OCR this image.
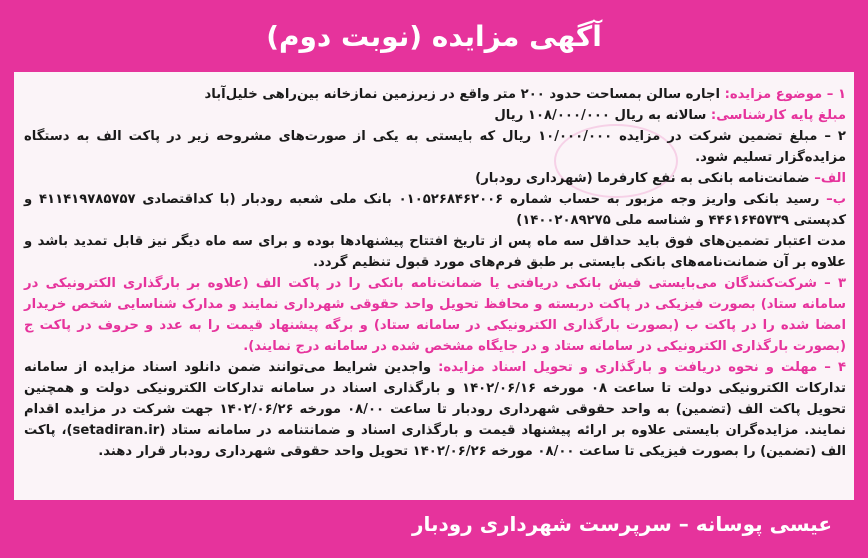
آگهی مزایده (نوبت دوم)

۱ – موضوع مزایده: اجاره سالن بمساحت حدود ۲۰۰ متر واقع در زیرزمین نمازخانه بین‌راهی خلیل‌آباد

مبلغ پایه کارشناسی: سالانه به ریال ۱۰۸/۰۰۰/۰۰۰ ریال

۲ – مبلغ تضمین شرکت در مزایده ۱۰/۰۰۰/۰۰۰ ریال که بایستی به یکی از صورت‌های مشروحه زیر در پاکت الف به دستگاه مزایده‌گزار تسلیم شود.

الف– ضمانت‌نامه بانکی به نفع کارفرما (شهرداری رودبار)

ب– رسید بانکی واریز وجه مزبور به حساب شماره ۰۱۰۵۲۶۸۴۶۲۰۰۶ بانک ملی شعبه رودبار (با کداقتصادی ۴۱۱۴۱۹۷۸۵۷۵۷ و کدپستی ۴۴۶۱۶۴۵۷۳۹ و شناسه ملی ۱۴۰۰۲۰۸۹۲۷۵)

مدت اعتبار تضمین‌های فوق باید حداقل سه ماه پس از تاریخ افتتاح پیشنهادها بوده و برای سه ماه دیگر نیز قابل تمدید باشد و علاوه بر آن ضمانت‌نامه‌های بانکی بایستی بر طبق فرم‌های مورد قبول تنظیم گردد.

۳ – شرکت‌کنندگان می‌بایستی فیش بانکی دریافتی یا ضمانت‌نامه بانکی را در پاکت الف (علاوه بر بارگذاری الکترونیکی در سامانه ستاد) بصورت فیزیکی در پاکت دربسته و محافظ تحویل واحد حقوقی شهرداری نمایند و مدارک شناسایی شخص خریدار امضا شده را در پاکت ب (بصورت بارگذاری الکترونیکی در سامانه ستاد) و برگه پیشنهاد قیمت را به عدد و حروف در پاکت ج (بصورت بارگذاری الکترونیکی در سامانه ستاد و در جایگاه مشخص شده در سامانه درج نمایند).

۴ – مهلت و نحوه دریافت و بارگذاری و تحویل اسناد مزایده: واجدین شرایط می‌توانند ضمن دانلود اسناد مزایده از سامانه تدارکات الکترونیکی دولت تا ساعت ۰۸ مورخه ۱۴۰۲/۰۶/۱۶ و بارگذاری اسناد در سامانه تدارکات الکترونیکی دولت و همچنین تحویل پاکت الف (تضمین) به واحد حقوقی شهرداری رودبار تا ساعت ۰۸/۰۰ مورخه ۱۴۰۲/۰۶/۲۶ جهت شرکت در مزایده اقدام نمایند. مزایده‌گران بایستی علاوه بر ارائه پیشنهاد قیمت و بارگذاری اسناد و ضمانتنامه در سامانه ستاد (setadiran.ir)، پاکت الف (تضمین) را بصورت فیزیکی تا ساعت ۰۸/۰۰ مورخه ۱۴۰۲/۰۶/۲۶ تحویل واحد حقوقی شهرداری رودبار قرار دهند.

عیسی پوسانه – سرپرست شهرداری رودبار
